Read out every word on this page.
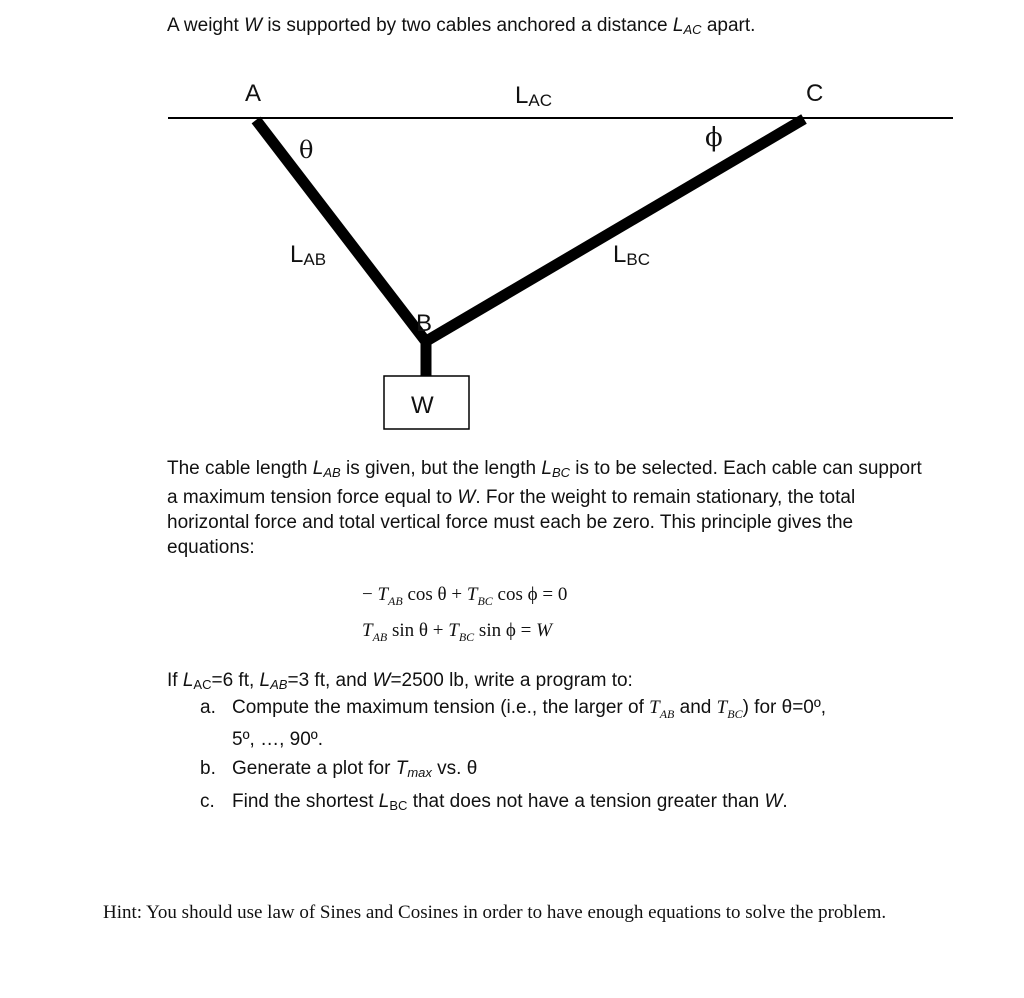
A weight W is supported by two cables anchored a distance $L_{AC}$ apart.
A	C
B
LAC
θ	ϕ
LAB	LBC
W
The cable length $L_{AB}$ is given, but the length $L_{BC}$ is to be selected. Each cable can support a maximum tension force equal to W. For the weight to remain stationary, the total horizontal force and total vertical force must each be zero. This principle gives the equations:
− $T_{AB}$ $\cos \theta + T_{BC}$ cos ϕ = 0
$T_{AB}$ $\sin \theta + T_{BC}$ sin ϕ = W
If $L_{AC}=6$ ft, $L_{AB}=3$ ft, and W=2500 lb, write a program to:
a. Compute the maximum tension (i.e., the larger of $T_{AB}$ and $T_{BC}$) for θ=0º,
5º, …, 90º.
b. Generate a plot for $T_{max}$ vs. θ
c. Find the shortest $L_{BC}$ that does not have a tension greater than W.
Hint: You should use law of Sines and Cosines in order to have enough equations to solve the problem.
